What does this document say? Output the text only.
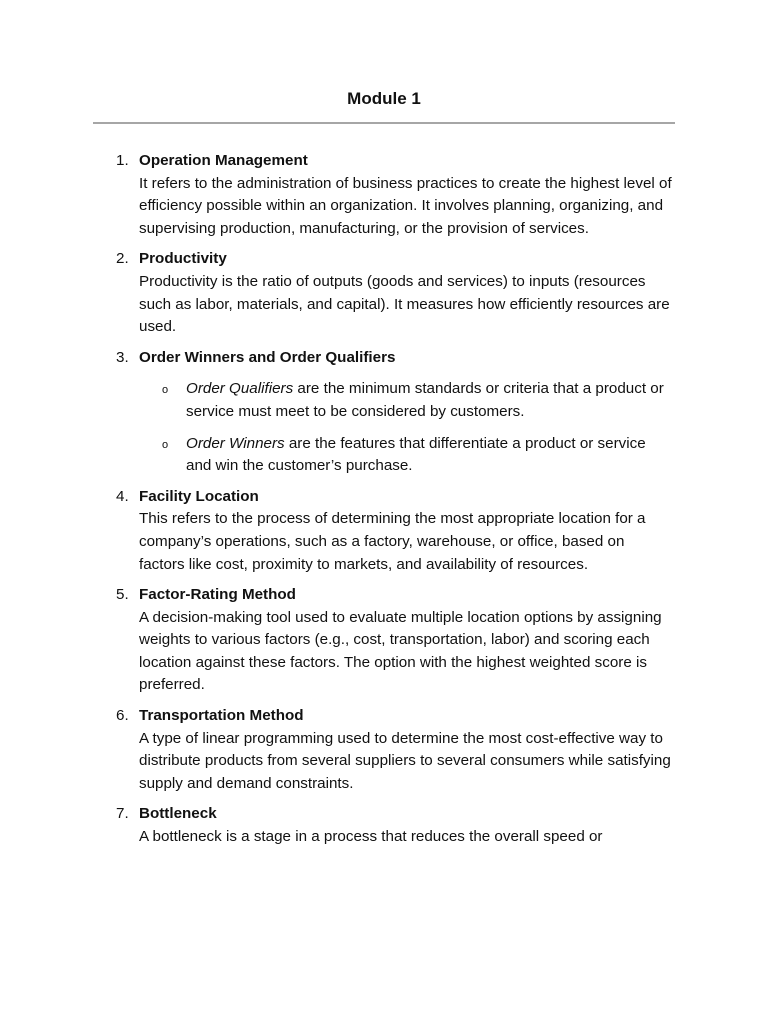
Module 1
1. Operation Management
It refers to the administration of business practices to create the highest level of efficiency possible within an organization. It involves planning, organizing, and supervising production, manufacturing, or the provision of services.
2. Productivity
Productivity is the ratio of outputs (goods and services) to inputs (resources such as labor, materials, and capital). It measures how efficiently resources are used.
3. Order Winners and Order Qualifiers
o Order Qualifiers are the minimum standards or criteria that a product or service must meet to be considered by customers.
o Order Winners are the features that differentiate a product or service and win the customer’s purchase.
4. Facility Location
This refers to the process of determining the most appropriate location for a company’s operations, such as a factory, warehouse, or office, based on factors like cost, proximity to markets, and availability of resources.
5. Factor-Rating Method
A decision-making tool used to evaluate multiple location options by assigning weights to various factors (e.g., cost, transportation, labor) and scoring each location against these factors. The option with the highest weighted score is preferred.
6. Transportation Method
A type of linear programming used to determine the most cost-effective way to distribute products from several suppliers to several consumers while satisfying supply and demand constraints.
7. Bottleneck
A bottleneck is a stage in a process that reduces the overall speed or
